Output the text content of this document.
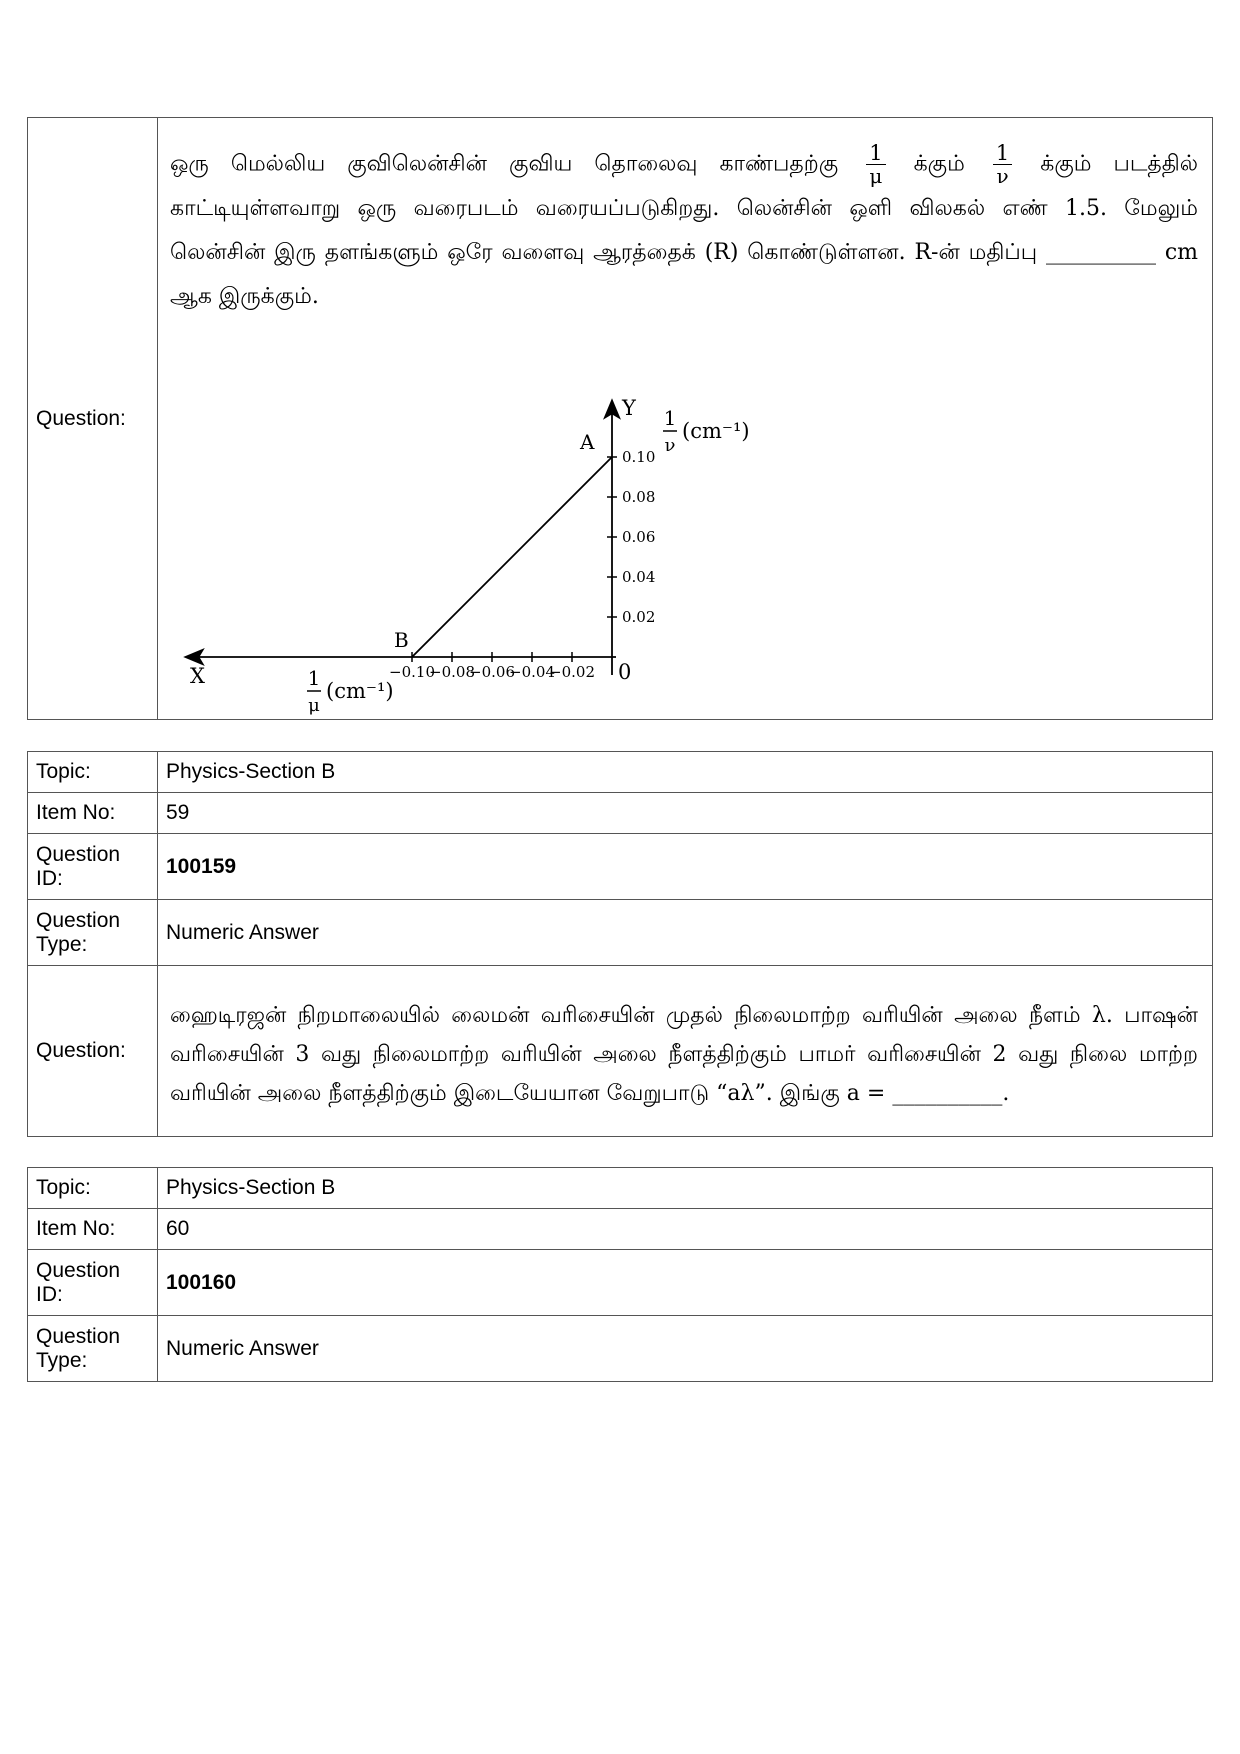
Question:	
ஒரு மெல்லிய குவிலென்சின் குவிய தொலைவு காண்பதற்கு $\frac{1}{\mu}$ க்கும் $\frac{1}{\nu}$ க்கும் படத்தில் காட்டியுள்ளவாறு ஒரு வரைபடம் வரையப்படுகிறது. லென்சின் ஒளி விலகல் எண் 1.5. மேலும் லென்சின் இரு தளங்களும் ஒரே வளைவு ஆரத்தைக் (R) கொண்டுள்ளன. R-ன் மதிப்பு __________ cm ஆக இருக்கும்.
X
Y
0
−0.10
−0.08
−0.06
−0.04
−0.02
0.02
0.04
0.06
0.08
0.10
B
A
1
ν
(cm⁻¹)
1
μ
(cm⁻¹)
Topic:	Physics-Section B
Item No:	59
Question ID:	100159
Question Type:	Numeric Answer
Question:	ஹைடிரஜன் நிறமாலையில் லைமன் வரிசையின் முதல் நிலைமாற்ற வரியின் அலை நீளம் λ. பாஷன் வரிசையின் 3 வது நிலைமாற்ற வரியின் அலை நீளத்திற்கும் பாமர் வரிசையின் 2 வது நிலை மாற்ற வரியின் அலை நீளத்திற்கும் இடையேயான வேறுபாடு “aλ”. இங்கு a = __________.
Topic:	Physics-Section B
Item No:	60
Question ID:	100160
Question Type:	Numeric Answer
